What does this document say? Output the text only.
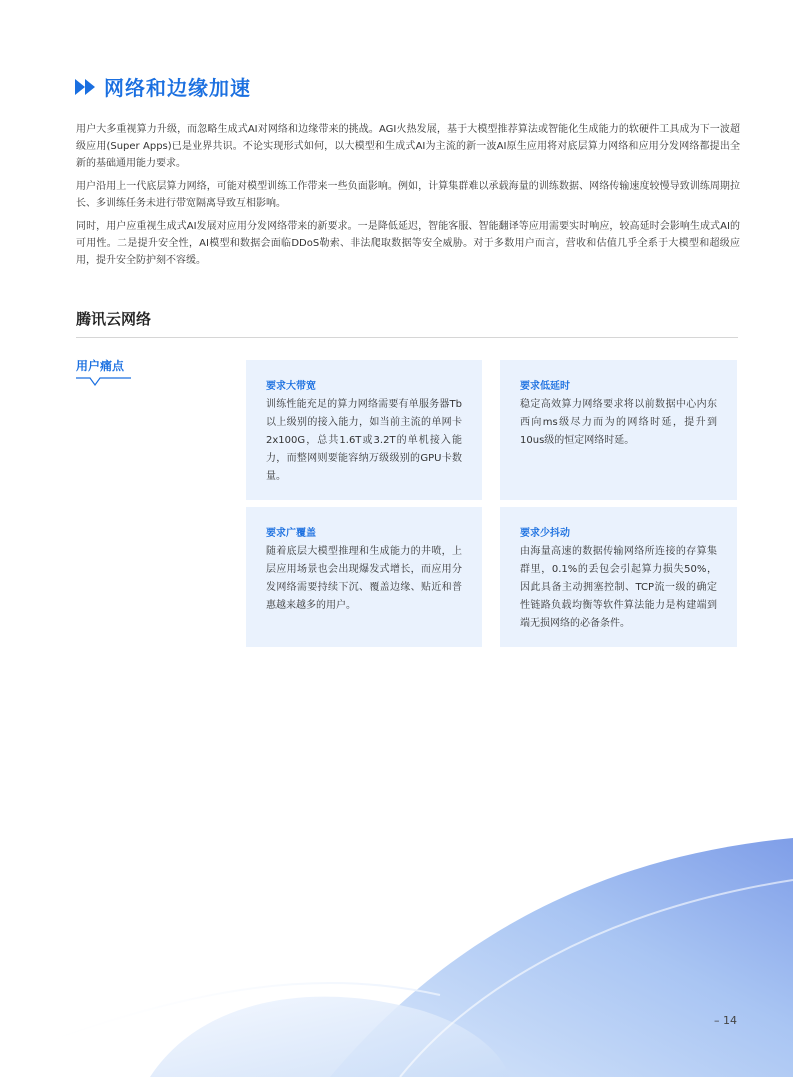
网络和边缘加速

用户大多重视算力升级，而忽略生成式AI对网络和边缘带来的挑战。AGI火热发展，基于大模型推荐算法或智能化生成能力的软硬件工具成为下一波超级应用(Super Apps)已是业界共识。不论实现形式如何，以大模型和生成式AI为主流的新一波AI原生应用将对底层算力网络和应用分发网络都提出全新的基础通用能力要求。

用户沿用上一代底层算力网络，可能对模型训练工作带来一些负面影响。例如，计算集群难以承载海量的训练数据、网络传输速度较慢导致训练周期拉长、多训练任务未进行带宽隔离导致互相影响。

同时，用户应重视生成式AI发展对应用分发网络带来的新要求。一是降低延迟，智能客服、智能翻译等应用需要实时响应，较高延时会影响生成式AI的可用性。二是提升安全性，AI模型和数据会面临DDoS勒索、非法爬取数据等安全威胁。对于多数用户而言，营收和估值几乎全系于大模型和超级应用，提升安全防护刻不容缓。

腾讯云网络
用户痛点
要求大带宽
训练性能充足的算力网络需要有单服务器Tb以上级别的接入能力，如当前主流的单网卡2x100G，总共1.6T或3.2T的单机接入能力，而整网则要能容纳万级级别的GPU卡数量。
要求低延时
稳定高效算力网络要求将以前数据中心内东西向ms级尽力而为的网络时延，提升到10us级的恒定网络时延。
要求广覆盖
随着底层大模型推理和生成能力的井喷，上层应用场景也会出现爆发式增长，而应用分发网络需要持续下沉、覆盖边缘、贴近和普惠越来越多的用户。
要求少抖动
由海量高速的数据传输网络所连接的存算集群里，0.1%的丢包会引起算力损失50%，因此具备主动拥塞控制、TCP流一级的确定性链路负载均衡等软件算法能力是构建端到端无损网络的必备条件。
– 14
